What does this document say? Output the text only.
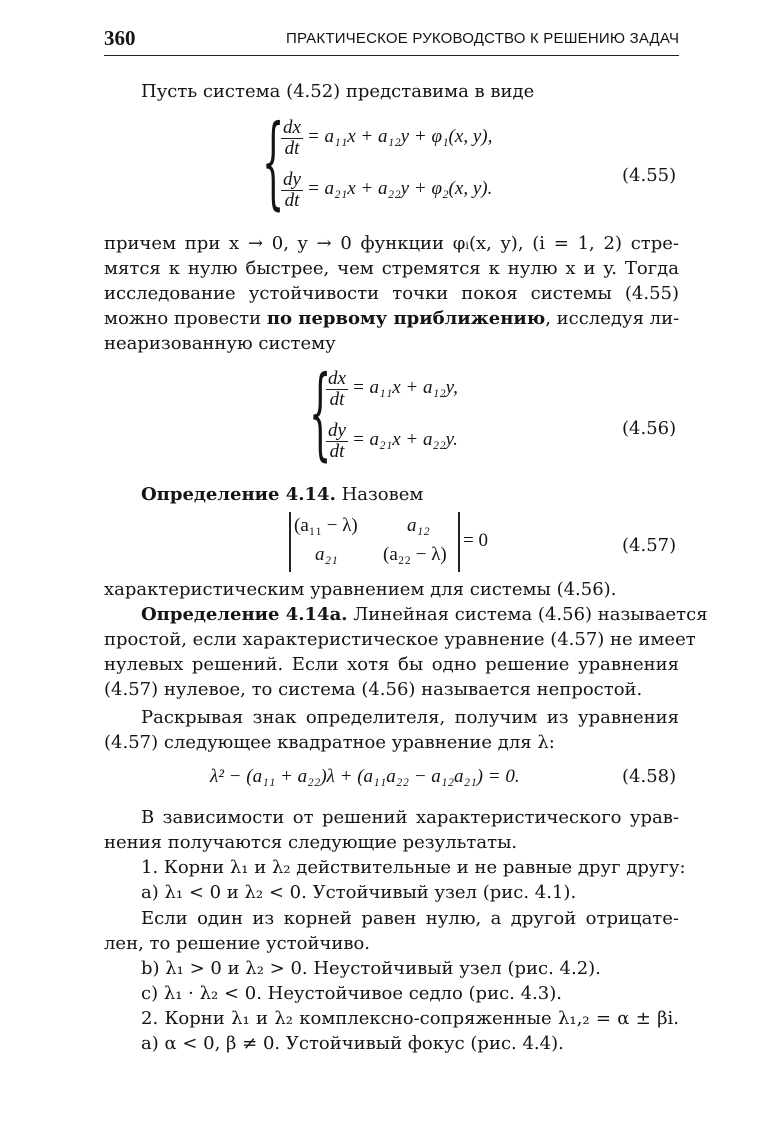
360	ПРАКТИЧЕСКОЕ РУКОВОДСТВО К РЕШЕНИЮ ЗАДАЧ
Пусть система (4.52) представима в виде
{
$\frac{dx}{dt} = a_{11}x + a_{12}y + \varphi_1(x$, y),
$\frac{dy}{dt} = a_{21}x + a_{22}y + \varphi_2(x$, y).
(4.55)
причем при x → 0, y → 0 функции φᵢ(x, y), (i = 1, 2) стре-
мятся к нулю быстрее, чем стремятся к нулю x и y. Тогда
исследование устойчивости точки покоя системы (4.55)
можно провести по первому приближению, исследуя ли-
неаризованную систему
{
$\frac{dx}{dt} = a_{11}x + a_{12}y$,
$\frac{dy}{dt} = a_{21}x + a_{22}y$.
(4.56)
Определение 4.14. Назовем
(a₁₁ − λ)	a₁₂
a₂₁ (a₂₂ − λ)
= 0	(4.57)
характеристическим уравнением для системы (4.56).
Определение 4.14а. Линейная система (4.56) называется
простой, если характеристическое уравнение (4.57) не имеет
нулевых решений. Если хотя бы одно решение уравнения
(4.57) нулевое, то система (4.56) называется непростой.
Раскрывая знак определителя, получим из уравнения
(4.57) следующее квадратное уравнение для λ:
λ² − (a₁₁ + a₂₂)λ + (a₁₁a₂₂ − a₁₂a₂₁) = 0.	(4.58)
В зависимости от решений характеристического урав-
нения получаются следующие результаты.
1. Корни λ₁ и λ₂ действительные и не равные друг другу:
a) λ₁ < 0 и λ₂ < 0. Устойчивый узел (рис. 4.1).
Если один из корней равен нулю, а другой отрицате-
лен, то решение устойчиво.
b) λ₁ > 0 и λ₂ > 0. Неустойчивый узел (рис. 4.2).
c) λ₁ · λ₂ < 0. Неустойчивое седло (рис. 4.3).
2. Корни λ₁ и λ₂ комплексно-сопряженные λ₁,₂ = α ± βi.
a) α < 0, β ≠ 0. Устойчивый фокус (рис. 4.4).
